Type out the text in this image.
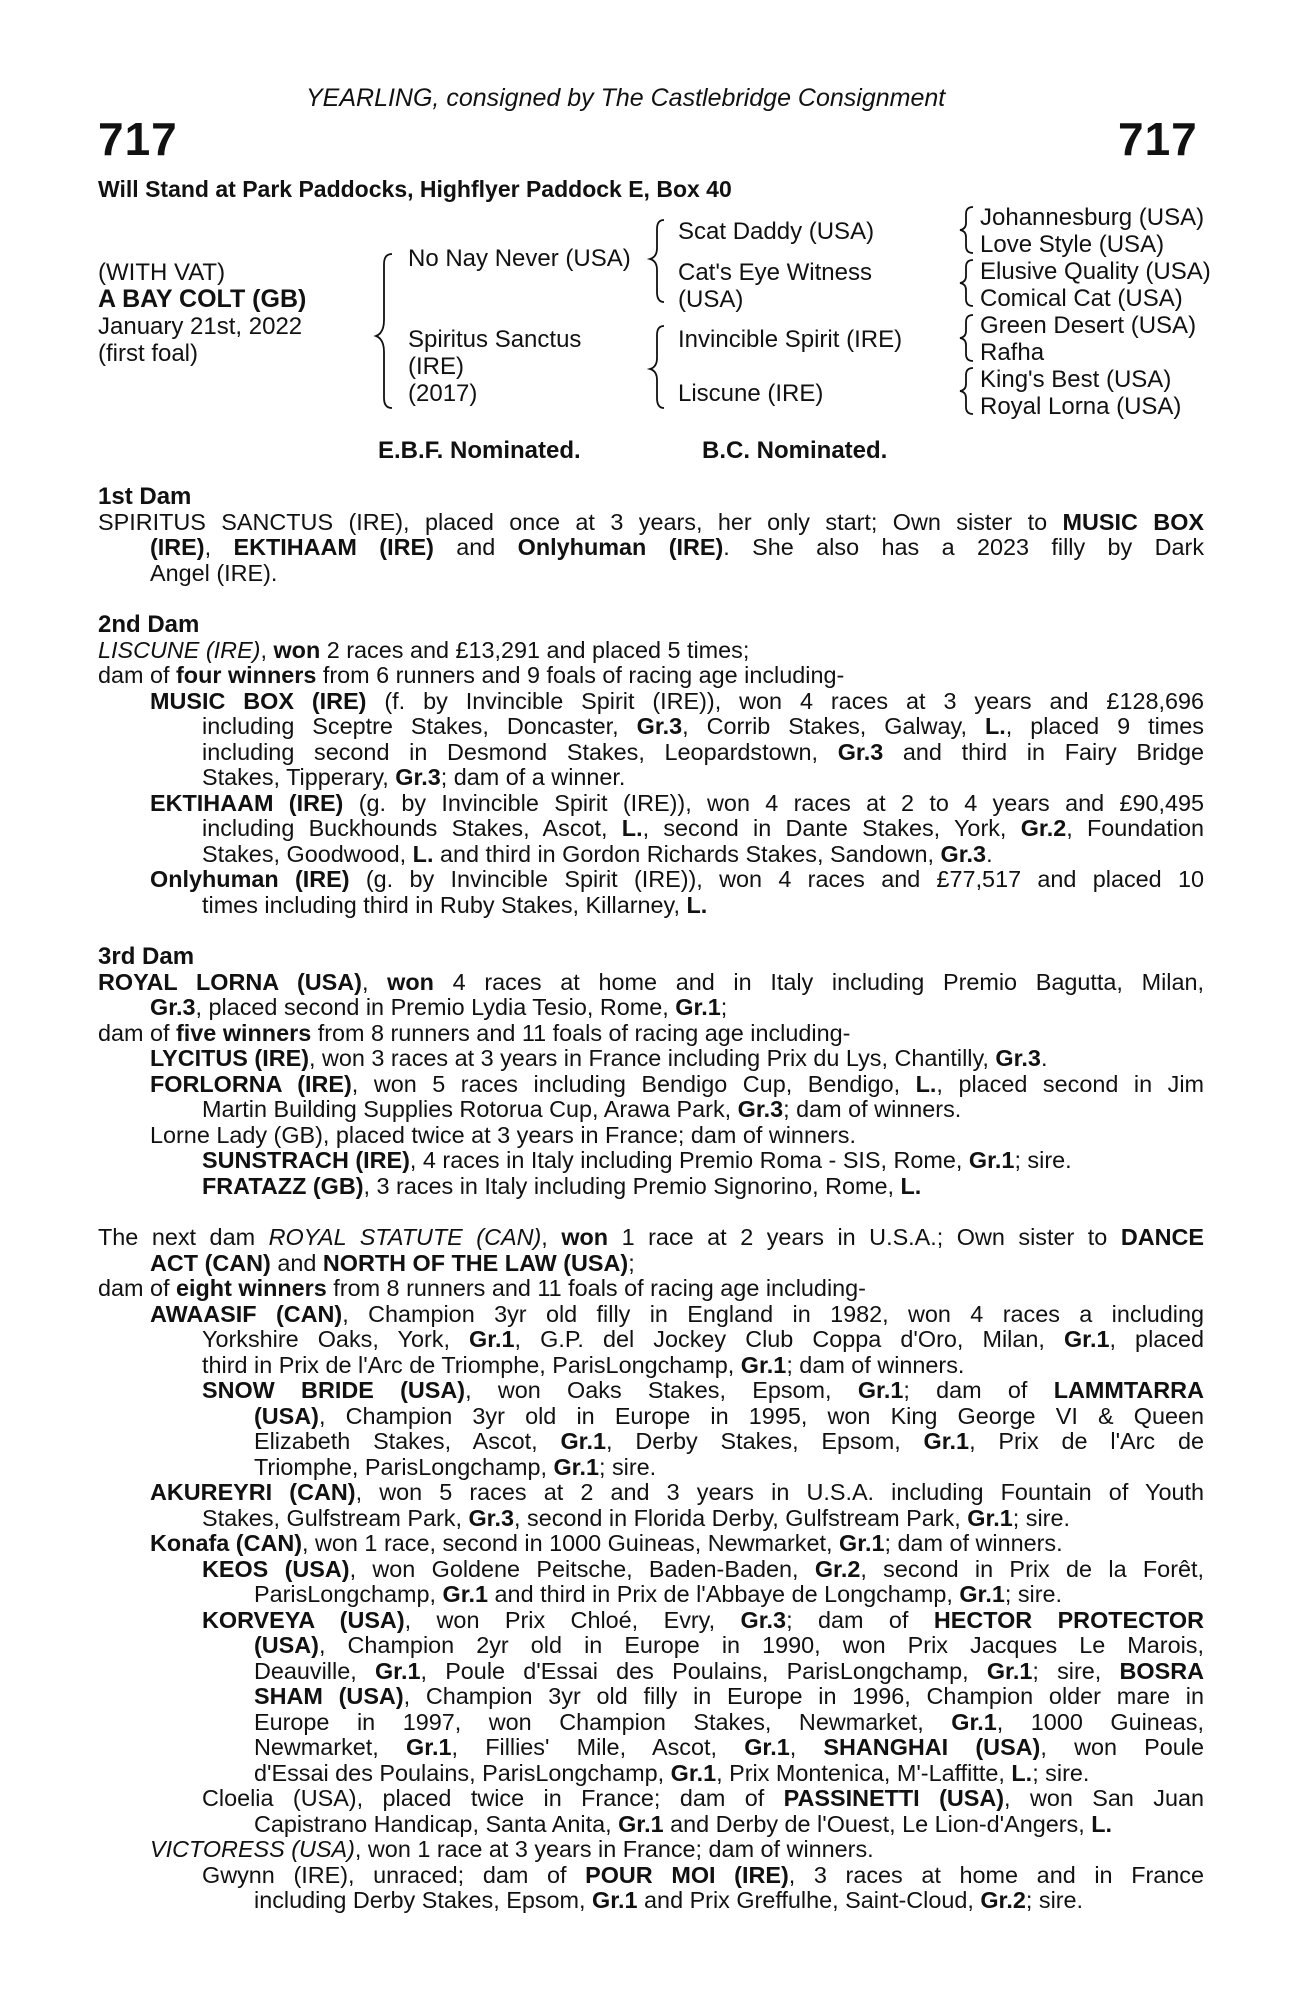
YEARLING, consigned by The Castlebridge Consignment
717	717
Will Stand at Park Paddocks, Highflyer Paddock E, Box 40
(WITH VAT)
A BAY COLT (GB)
January 21st, 2022
(first foal)
No Nay Never (USA)
Spiritus Sanctus
(IRE)
(2017)
Scat Daddy (USA)
Cat's Eye Witness
(USA)
Invincible Spirit (IRE)
Liscune (IRE)
Johannesburg (USA)
Love Style (USA)
Elusive Quality (USA)
Comical Cat (USA)
Green Desert (USA)
Rafha
King's Best (USA)
Royal Lorna (USA)
E.B.F. Nominated.	B.C. Nominated.
1st Dam
SPIRITUS SANCTUS (IRE), placed once at 3 years, her only start; Own sister to MUSIC BOX
(IRE), EKTIHAAM (IRE) and Onlyhuman (IRE). She also has a 2023 filly by Dark
Angel (IRE).
2nd Dam
LISCUNE (IRE), won 2 races and £13,291 and placed 5 times;
dam of four winners from 6 runners and 9 foals of racing age including-
MUSIC BOX (IRE) (f. by Invincible Spirit (IRE)), won 4 races at 3 years and £128,696
including Sceptre Stakes, Doncaster, Gr.3, Corrib Stakes, Galway, L., placed 9 times
including second in Desmond Stakes, Leopardstown, Gr.3 and third in Fairy Bridge
Stakes, Tipperary, Gr.3; dam of a winner.
EKTIHAAM (IRE) (g. by Invincible Spirit (IRE)), won 4 races at 2 to 4 years and £90,495
including Buckhounds Stakes, Ascot, L., second in Dante Stakes, York, Gr.2, Foundation
Stakes, Goodwood, L. and third in Gordon Richards Stakes, Sandown, Gr.3.
Onlyhuman (IRE) (g. by Invincible Spirit (IRE)), won 4 races and £77,517 and placed 10
times including third in Ruby Stakes, Killarney, L.
3rd Dam
ROYAL LORNA (USA), won 4 races at home and in Italy including Premio Bagutta, Milan,
Gr.3, placed second in Premio Lydia Tesio, Rome, Gr.1;
dam of five winners from 8 runners and 11 foals of racing age including-
LYCITUS (IRE), won 3 races at 3 years in France including Prix du Lys, Chantilly, Gr.3.
FORLORNA (IRE), won 5 races including Bendigo Cup, Bendigo, L., placed second in Jim
Martin Building Supplies Rotorua Cup, Arawa Park, Gr.3; dam of winners.
Lorne Lady (GB), placed twice at 3 years in France; dam of winners.
SUNSTRACH (IRE), 4 races in Italy including Premio Roma - SIS, Rome, Gr.1; sire.
FRATAZZ (GB), 3 races in Italy including Premio Signorino, Rome, L.
The next dam ROYAL STATUTE (CAN), won 1 race at 2 years in U.S.A.; Own sister to DANCE
ACT (CAN) and NORTH OF THE LAW (USA);
dam of eight winners from 8 runners and 11 foals of racing age including-
AWAASIF (CAN), Champion 3yr old filly in England in 1982, won 4 races a including
Yorkshire Oaks, York, Gr.1, G.P. del Jockey Club Coppa d'Oro, Milan, Gr.1, placed
third in Prix de l'Arc de Triomphe, ParisLongchamp, Gr.1; dam of winners.
SNOW BRIDE (USA), won Oaks Stakes, Epsom, Gr.1; dam of LAMMTARRA
(USA), Champion 3yr old in Europe in 1995, won King George VI & Queen
Elizabeth Stakes, Ascot, Gr.1, Derby Stakes, Epsom, Gr.1, Prix de l'Arc de
Triomphe, ParisLongchamp, Gr.1; sire.
AKUREYRI (CAN), won 5 races at 2 and 3 years in U.S.A. including Fountain of Youth
Stakes, Gulfstream Park, Gr.3, second in Florida Derby, Gulfstream Park, Gr.1; sire.
Konafa (CAN), won 1 race, second in 1000 Guineas, Newmarket, Gr.1; dam of winners.
KEOS (USA), won Goldene Peitsche, Baden-Baden, Gr.2, second in Prix de la Forêt,
ParisLongchamp, Gr.1 and third in Prix de l'Abbaye de Longchamp, Gr.1; sire.
KORVEYA (USA), won Prix Chloé, Evry, Gr.3; dam of HECTOR PROTECTOR
(USA), Champion 2yr old in Europe in 1990, won Prix Jacques Le Marois,
Deauville, Gr.1, Poule d'Essai des Poulains, ParisLongchamp, Gr.1; sire, BOSRA
SHAM (USA), Champion 3yr old filly in Europe in 1996, Champion older mare in
Europe in 1997, won Champion Stakes, Newmarket, Gr.1, 1000 Guineas,
Newmarket, Gr.1, Fillies' Mile, Ascot, Gr.1, SHANGHAI (USA), won Poule
d'Essai des Poulains, ParisLongchamp, Gr.1, Prix Montenica, M'-Laffitte, L.; sire.
Cloelia (USA), placed twice in France; dam of PASSINETTI (USA), won San Juan
Capistrano Handicap, Santa Anita, Gr.1 and Derby de l'Ouest, Le Lion-d'Angers, L.
VICTORESS (USA), won 1 race at 3 years in France; dam of winners.
Gwynn (IRE), unraced; dam of POUR MOI (IRE), 3 races at home and in France
including Derby Stakes, Epsom, Gr.1 and Prix Greffulhe, Saint-Cloud, Gr.2; sire.
